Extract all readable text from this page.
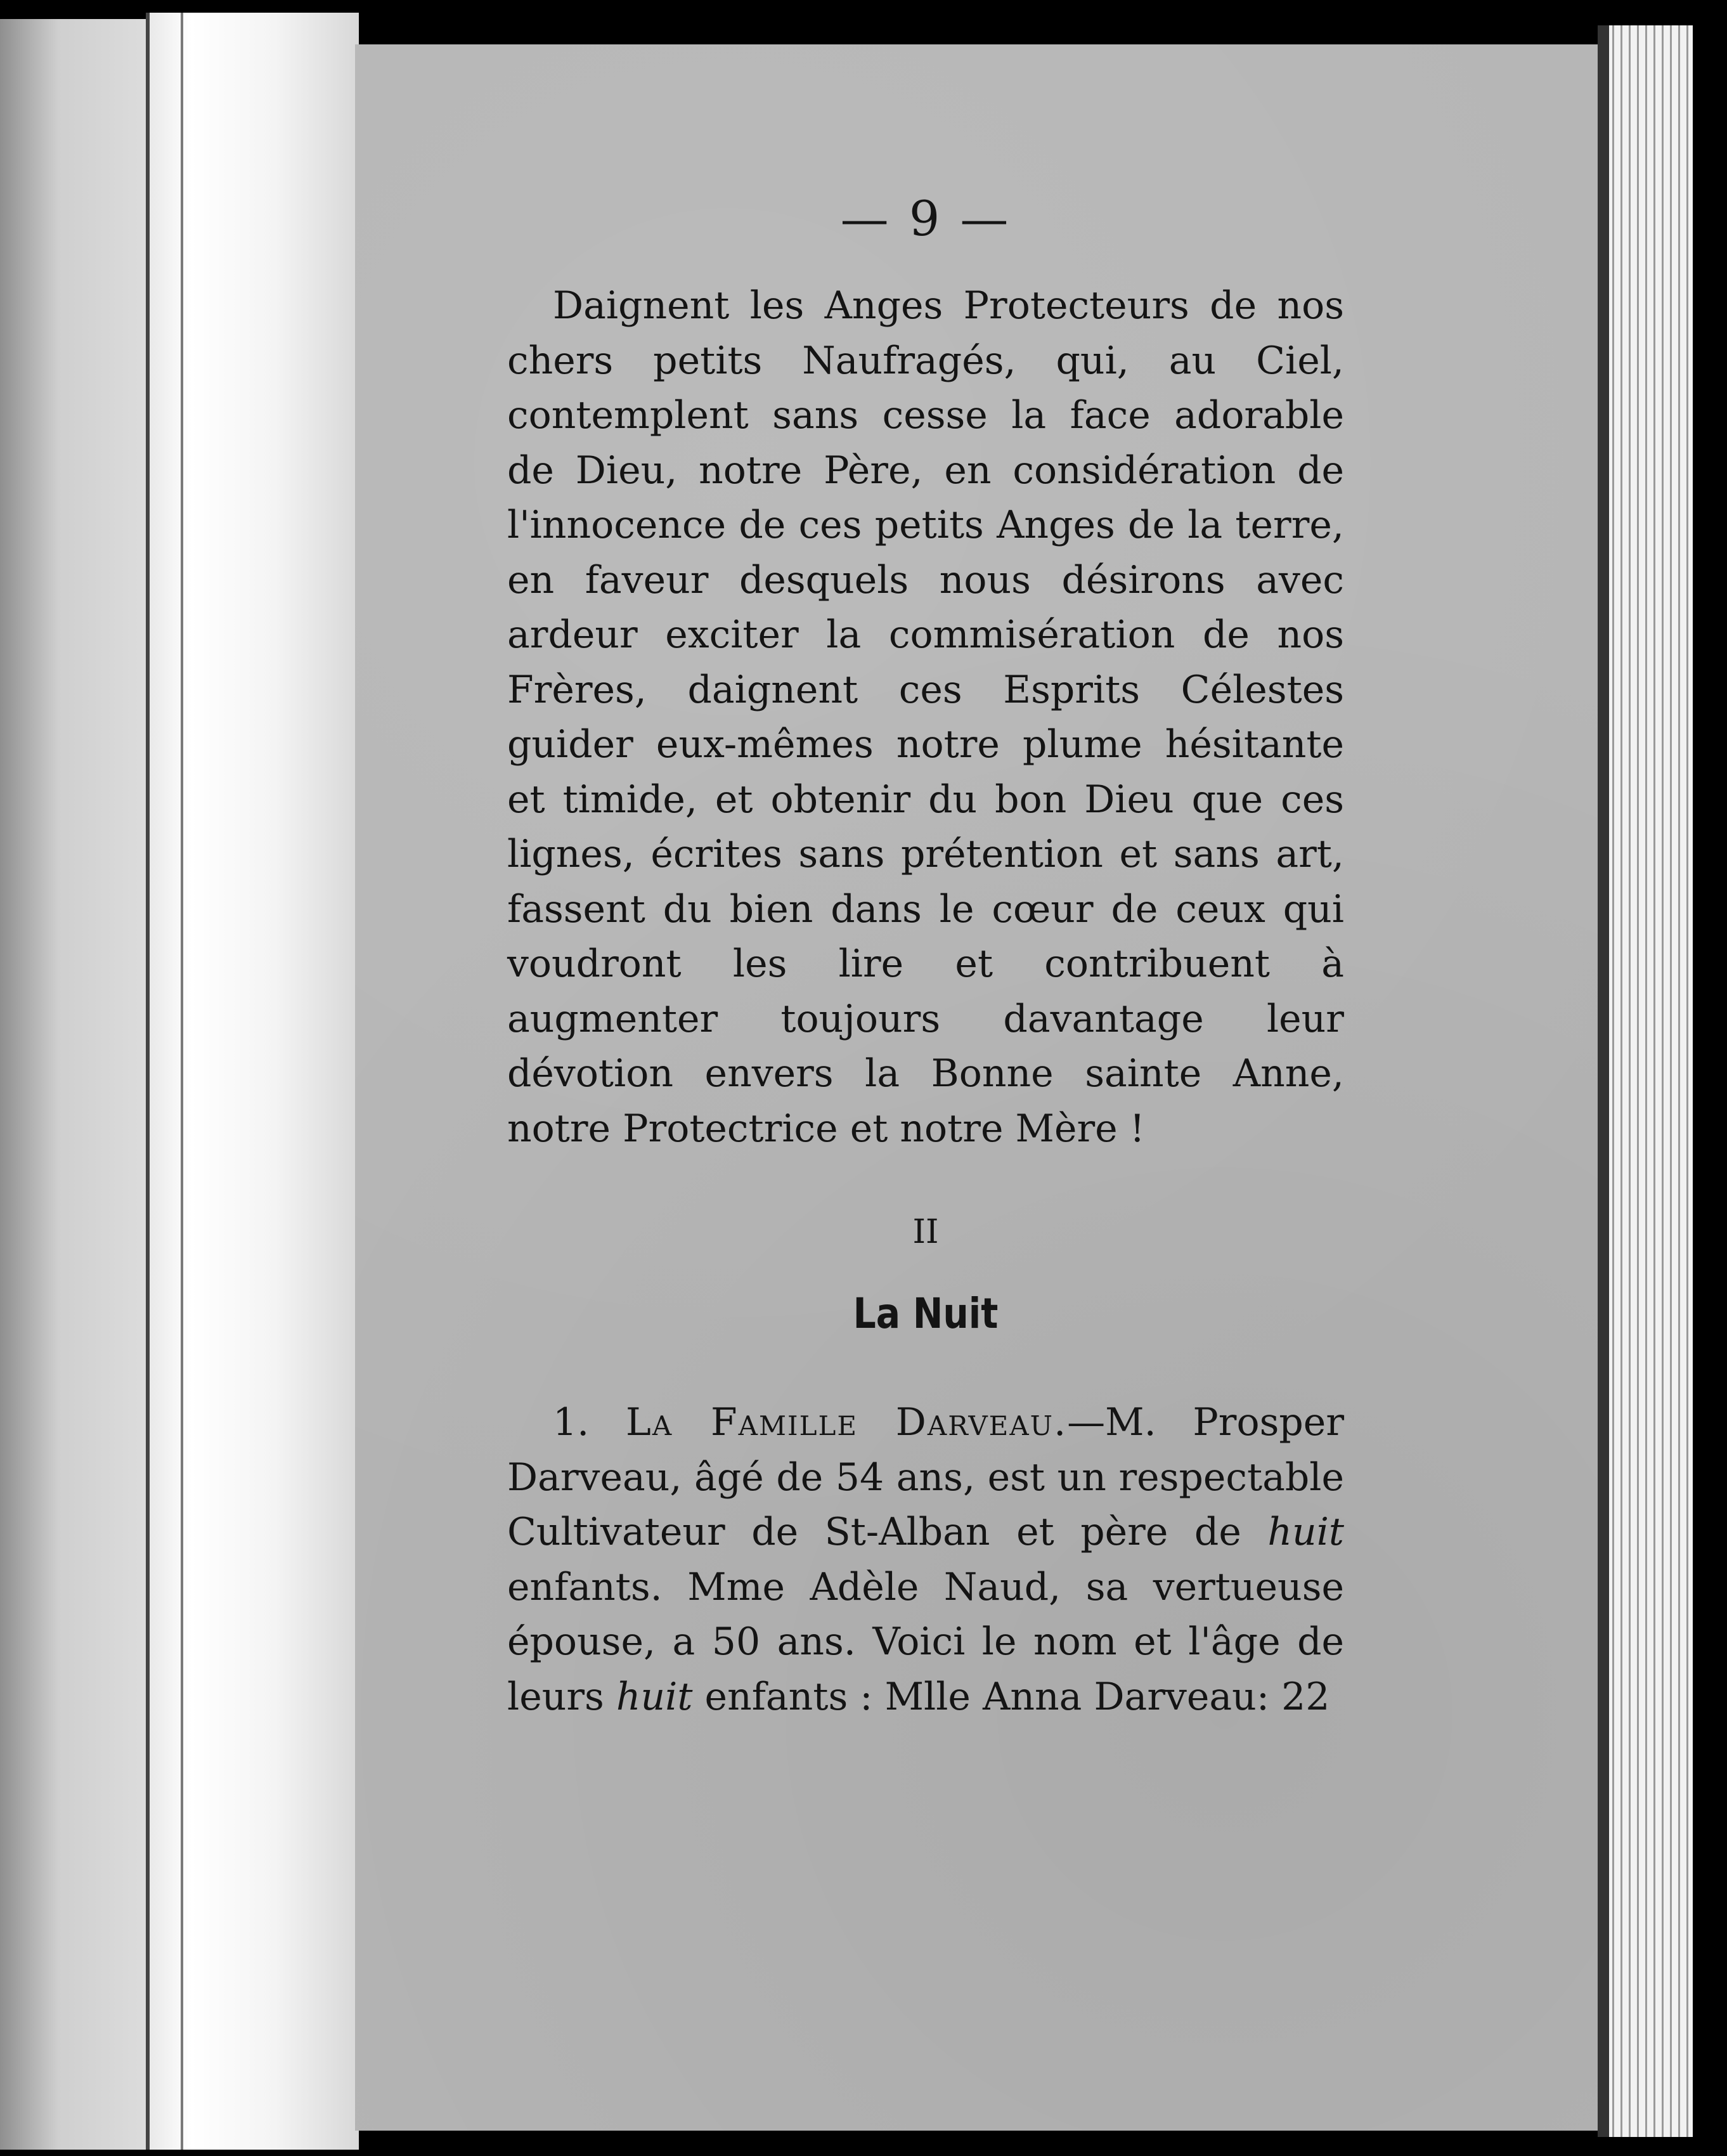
— 9 —

Daignent les Anges Protecteurs de nos chers petits Naufragés, qui, au Ciel, contemplent sans cesse la face adorable de Dieu, notre Père, en considération de l'innocence de ces petits Anges de la terre, en faveur desquels nous désirons avec ardeur exciter la commisération de nos Frères, daignent ces Esprits Célestes guider eux-mêmes notre plume hésitante et timide, et obtenir du bon Dieu que ces lignes, écrites sans prétention et sans art, fassent du bien dans le cœur de ceux qui voudront les lire et contribuent à augmenter toujours davantage leur dévotion envers la Bonne sainte Anne, notre Protectrice et notre Mère !

II
La Nuit

1. La Famille Darveau.—M. Prosper Darveau, âgé de 54 ans, est un respectable Cultivateur de St-Alban et père de huit enfants. Mme Adèle Naud, sa vertueuse épouse, a 50 ans. Voici le nom et l'âge de leurs huit enfants : Mlle Anna Darveau: 22
